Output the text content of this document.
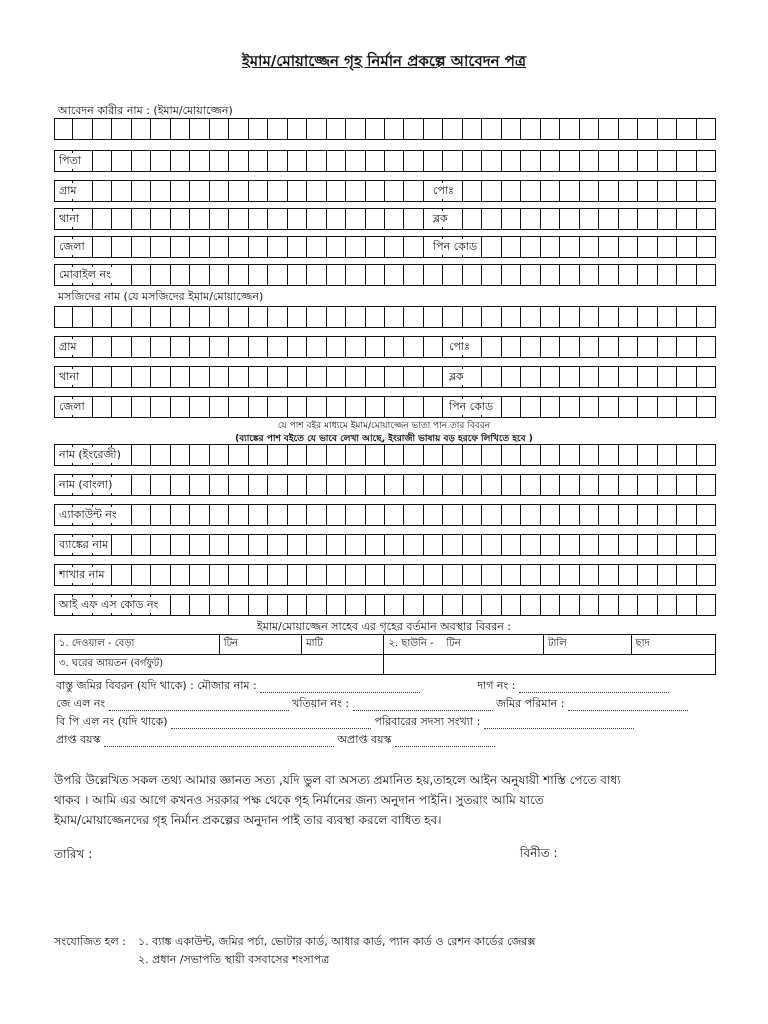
ইমাম/মোয়াজ্জেন গৃহ নির্মান প্রকল্পে আবেদন পত্র
আবেদন কারীর নাম : (ইমাম/মোয়াজ্জেন)
পিতা
গ্রাম	পোঃ
থানা	ব্লক
জেলা	পিন কোড
মোবাইল নং
মসজিদের নাম (যে মসজিদের ইমাম/মোয়াজ্জেন)
গ্রাম	পোঃ
থানা	ব্লক
জেলা	পিন কোড
যে পাশ বইর মাধ্যমে ইমাম/মোয়াজ্জেন ভাতা পান তার বিবরন
(ব্যাঙ্কের পাশ বইতে যে ভাবে লেখা আছে, ইংরাজী ভাষায় বড় হরফে লিখিতে হবে )
নাম (ইংরেজী)
নাম (বাংলা)
এ্যাকাউন্ট নং
ব্যাঙ্কের নাম
শাখার নাম
আই এফ এস কোড নং
ইমাম/মোয়াজ্জেন সাহেব এর গৃহের বর্তমান অবস্থার বিবরন :
১. দেওয়াল - বেড়া	টিন	মাটি	২. ছাউনি - টিন	টালি	ছাদ
৩. ঘরের আয়তন (বর্গফুট)					
বাস্তু জমির বিবরন (যদি থাকে) : মৌজার নাম :	দাগ নং :
জে এল নং	খতিয়ান নং :	জমির পরিমান :
বি পি এল নং (যদি থাকে)	পরিবারের সদস্য সংখ্যা :
প্রাপ্ত বয়স্ক	অপ্রাপ্ত বয়স্ক
উপরি উল্লেখিত সকল তথ্য আমার জ্ঞানত সত্য ,যদি ভুল বা অসত্য প্রমানিত হয়,তাহলে আইন অনুযায়ী শাস্তি পেতে বাধ্য
থাকব । আমি এর আগে কখনও সরকার পক্ষ থেকে গৃহ নির্মানের জন্য অনুদান পাইনি। সুতরাং আমি যাতে
ইমাম/মোয়াজ্জেনদের গৃহ নির্মান প্রকল্পের অনুদান পাই তার ব্যবস্থা করলে বাধিত হব।
তারিখ :	বিনীত :
সংযোজিত হল : ১. ব্যাঙ্ক একাউন্ট, জমির পর্চা, ভোটার কার্ড, আধার কার্ড, প্যান কার্ড ও রেশন কার্ডের জেরক্স
২. প্রধান /সভাপতি স্থায়ী বসবাসের শংসাপত্র
